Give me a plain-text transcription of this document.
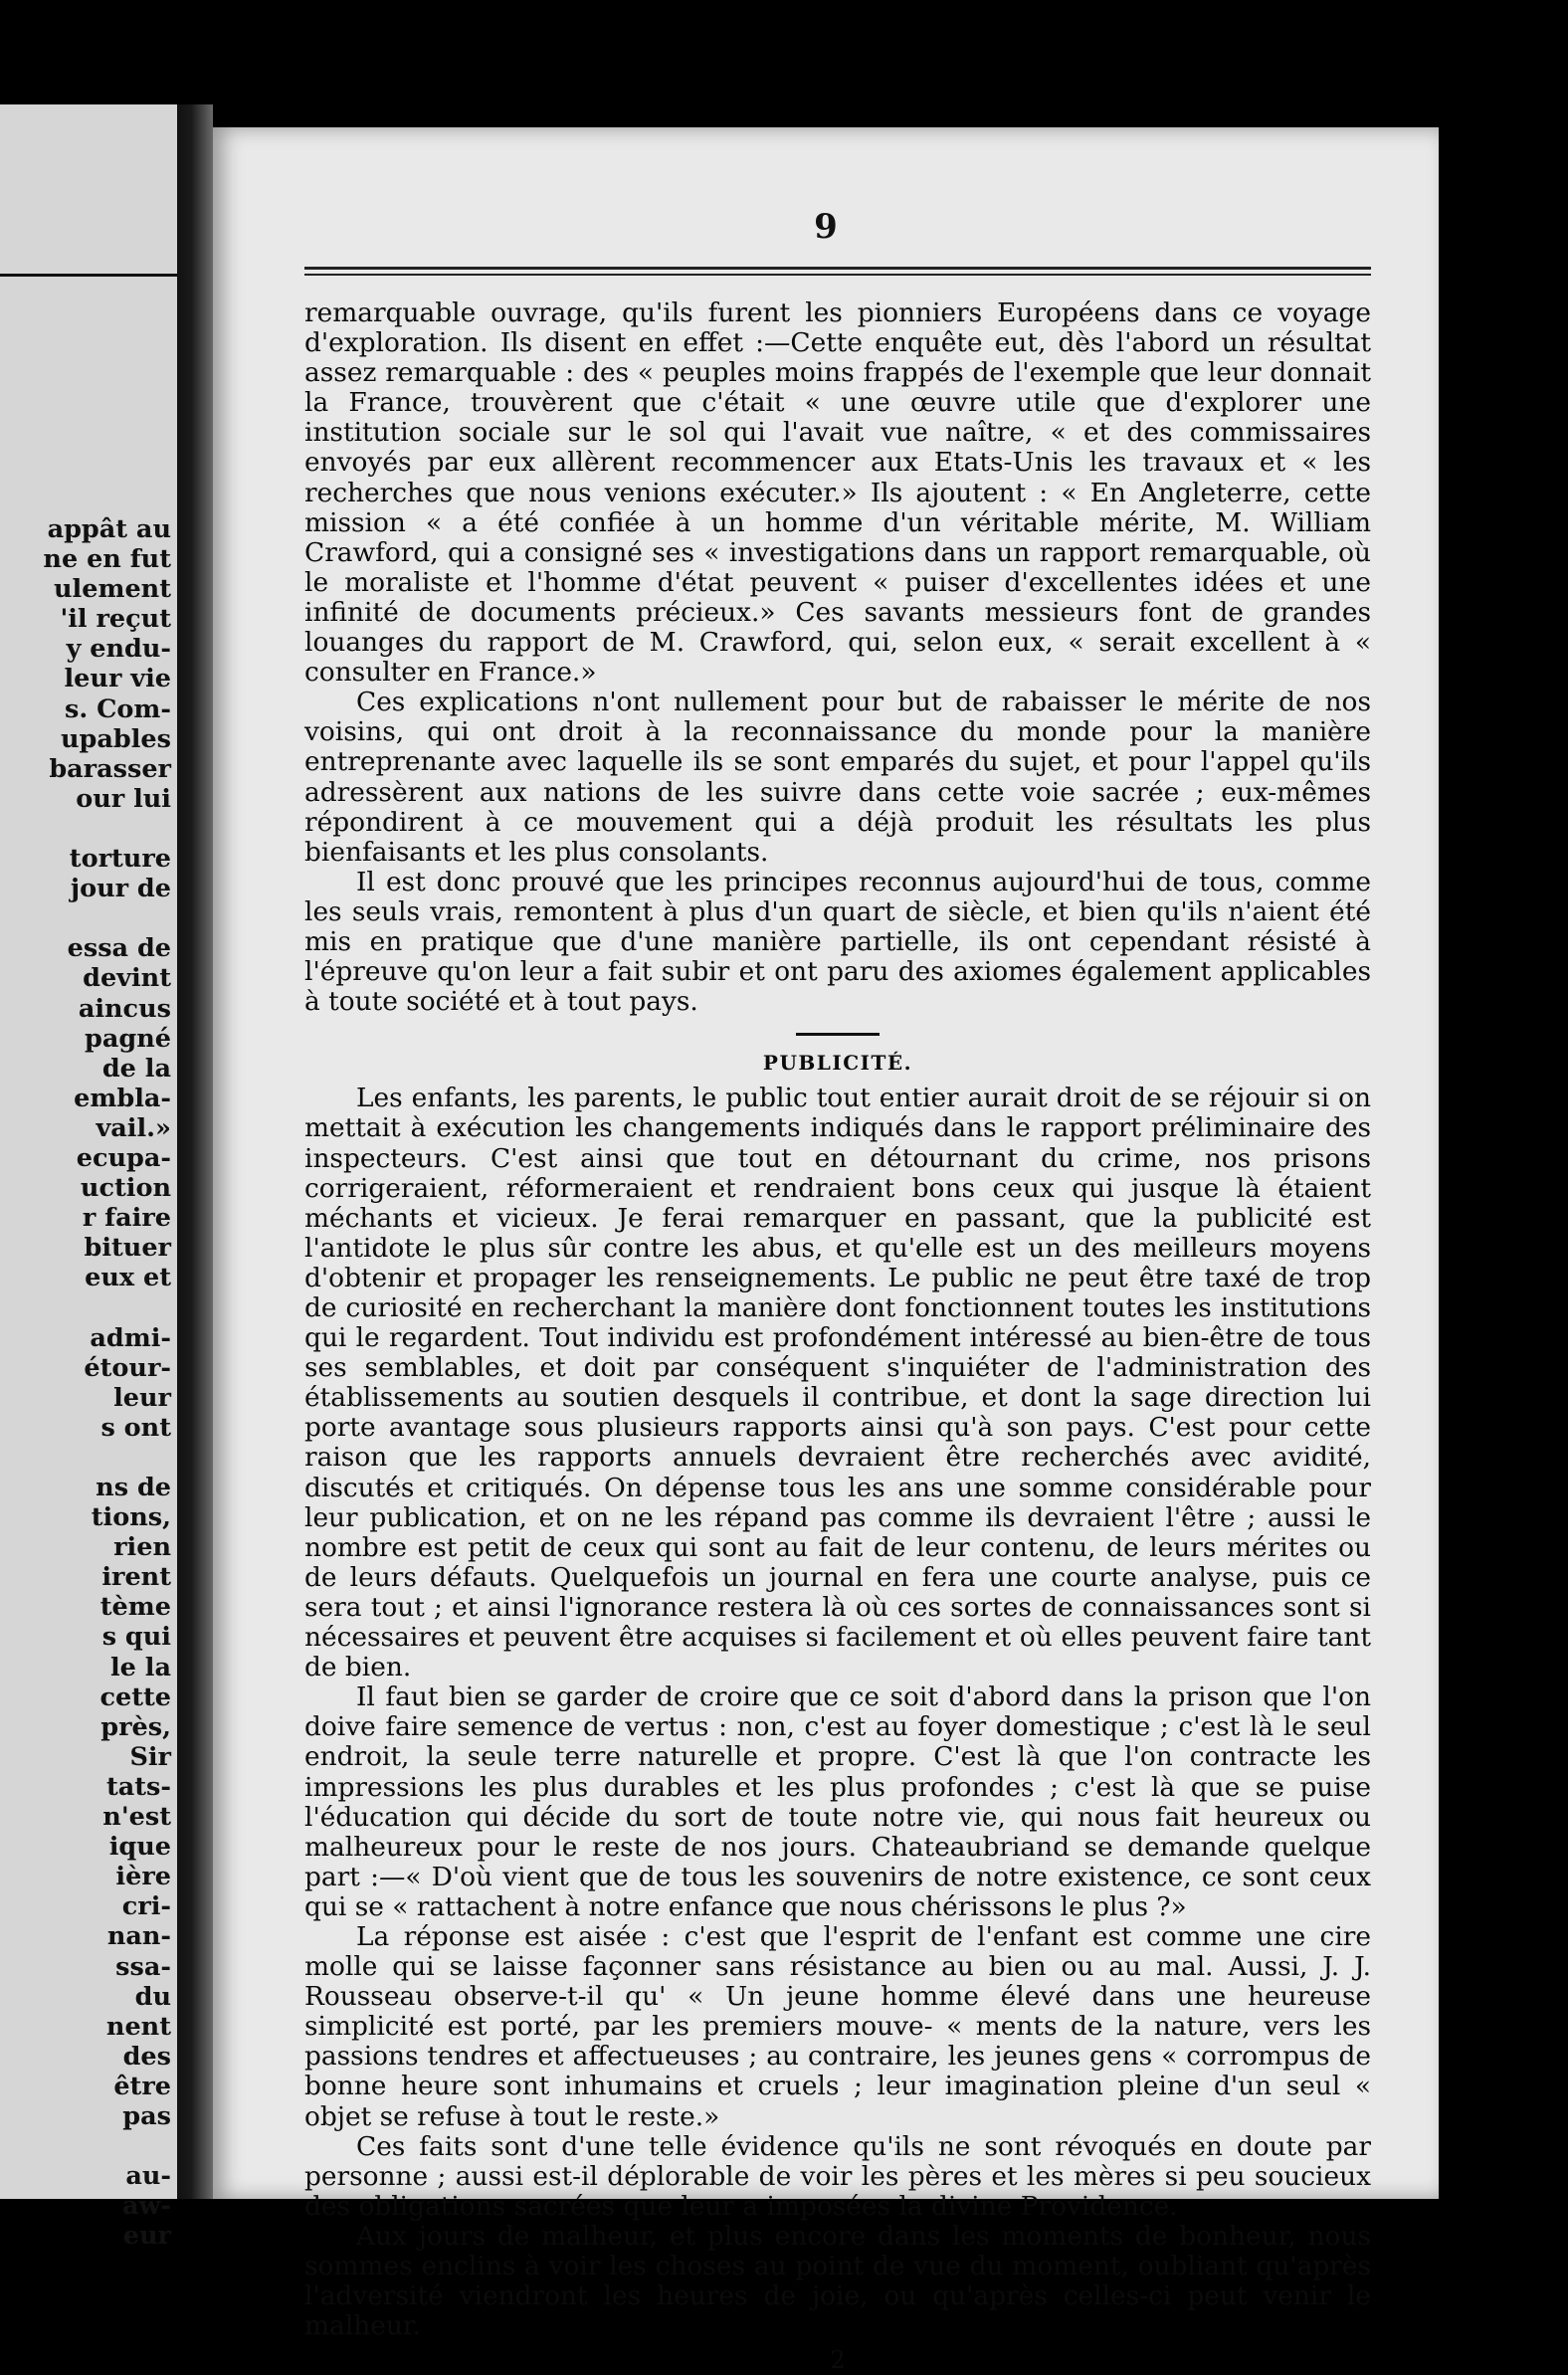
appât au
ne en fut
ulement
'il reçut
y endu-
leur vie
s. Com-
upables
barasser
our lui

torture
jour de

essa de
devint
aincus
pagné
de la
embla-
vail.»
ecupa-
uction
r faire
bituer
eux et

admi-
étour-
leur
s ont

ns de
tions,
rien
irent
tème
s qui
le la
cette
près,
Sir
tats-
n'est
ique
ière
cri-
nan-
ssa-
du
nent
des
être
pas

au-
aw-
eur
9

remarquable ouvrage, qu'ils furent les pionniers Européens dans ce voyage d'exploration. Ils disent en effet :—Cette enquête eut, dès l'abord un résultat assez remarquable : des « peuples moins frappés de l'exemple que leur donnait la France, trouvèrent que c'était « une œuvre utile que d'explorer une institution sociale sur le sol qui l'avait vue naître, « et des commissaires envoyés par eux allèrent recommencer aux Etats-Unis les travaux et « les recherches que nous venions exécuter.» Ils ajoutent : « En Angleterre, cette mission « a été confiée à un homme d'un véritable mérite, M. William Crawford, qui a consigné ses « investigations dans un rapport remarquable, où le moraliste et l'homme d'état peuvent « puiser d'excellentes idées et une infinité de documents précieux.» Ces savants messieurs font de grandes louanges du rapport de M. Crawford, qui, selon eux, « serait excellent à « consulter en France.»

Ces explications n'ont nullement pour but de rabaisser le mérite de nos voisins, qui ont droit à la reconnaissance du monde pour la manière entreprenante avec laquelle ils se sont emparés du sujet, et pour l'appel qu'ils adressèrent aux nations de les suivre dans cette voie sacrée ; eux-mêmes répondirent à ce mouvement qui a déjà produit les résultats les plus bienfaisants et les plus consolants.

Il est donc prouvé que les principes reconnus aujourd'hui de tous, comme les seuls vrais, remontent à plus d'un quart de siècle, et bien qu'ils n'aient été mis en pratique que d'une manière partielle, ils ont cependant résisté à l'épreuve qu'on leur a fait subir et ont paru des axiomes également applicables à toute société et à tout pays.

PUBLICITÉ.

Les enfants, les parents, le public tout entier aurait droit de se réjouir si on mettait à exécution les changements indiqués dans le rapport préliminaire des inspecteurs. C'est ainsi que tout en détournant du crime, nos prisons corrigeraient, réformeraient et rendraient bons ceux qui jusque là étaient méchants et vicieux. Je ferai remarquer en passant, que la publicité est l'antidote le plus sûr contre les abus, et qu'elle est un des meilleurs moyens d'obtenir et propager les renseignements. Le public ne peut être taxé de trop de curiosité en recherchant la manière dont fonctionnent toutes les institutions qui le regardent. Tout individu est profondément intéressé au bien-être de tous ses semblables, et doit par conséquent s'inquiéter de l'administration des établissements au soutien desquels il contribue, et dont la sage direction lui porte avantage sous plusieurs rapports ainsi qu'à son pays. C'est pour cette raison que les rapports annuels devraient être recherchés avec avidité, discutés et critiqués. On dépense tous les ans une somme considérable pour leur publication, et on ne les répand pas comme ils devraient l'être ; aussi le nombre est petit de ceux qui sont au fait de leur contenu, de leurs mérites ou de leurs défauts. Quelquefois un journal en fera une courte analyse, puis ce sera tout ; et ainsi l'ignorance restera là où ces sortes de connaissances sont si nécessaires et peuvent être acquises si facilement et où elles peuvent faire tant de bien.

Il faut bien se garder de croire que ce soit d'abord dans la prison que l'on doive faire semence de vertus : non, c'est au foyer domestique ; c'est là le seul endroit, la seule terre naturelle et propre. C'est là que l'on contracte les impressions les plus durables et les plus profondes ; c'est là que se puise l'éducation qui décide du sort de toute notre vie, qui nous fait heureux ou malheureux pour le reste de nos jours. Chateaubriand se demande quelque part :—« D'où vient que de tous les souvenirs de notre existence, ce sont ceux qui se « rattachent à notre enfance que nous chérissons le plus ?»

La réponse est aisée : c'est que l'esprit de l'enfant est comme une cire molle qui se laisse façonner sans résistance au bien ou au mal. Aussi, J. J. Rousseau observe-t-il qu' « Un jeune homme élevé dans une heureuse simplicité est porté, par les premiers mouve- « ments de la nature, vers les passions tendres et affectueuses ; au contraire, les jeunes gens « corrompus de bonne heure sont inhumains et cruels ; leur imagination pleine d'un seul « objet se refuse à tout le reste.»

Ces faits sont d'une telle évidence qu'ils ne sont révoqués en doute par personne ; aussi est-il déplorable de voir les pères et les mères si peu soucieux des obligations sacrées que leur a imposées la divine Providence.

Aux jours de malheur, et plus encore dans les moments de bonheur, nous sommes enclins à voir les choses au point de vue du moment, oubliant qu'après l'adversité viendront les heures de joie, ou qu'après celles-ci peut venir le malheur.

2
